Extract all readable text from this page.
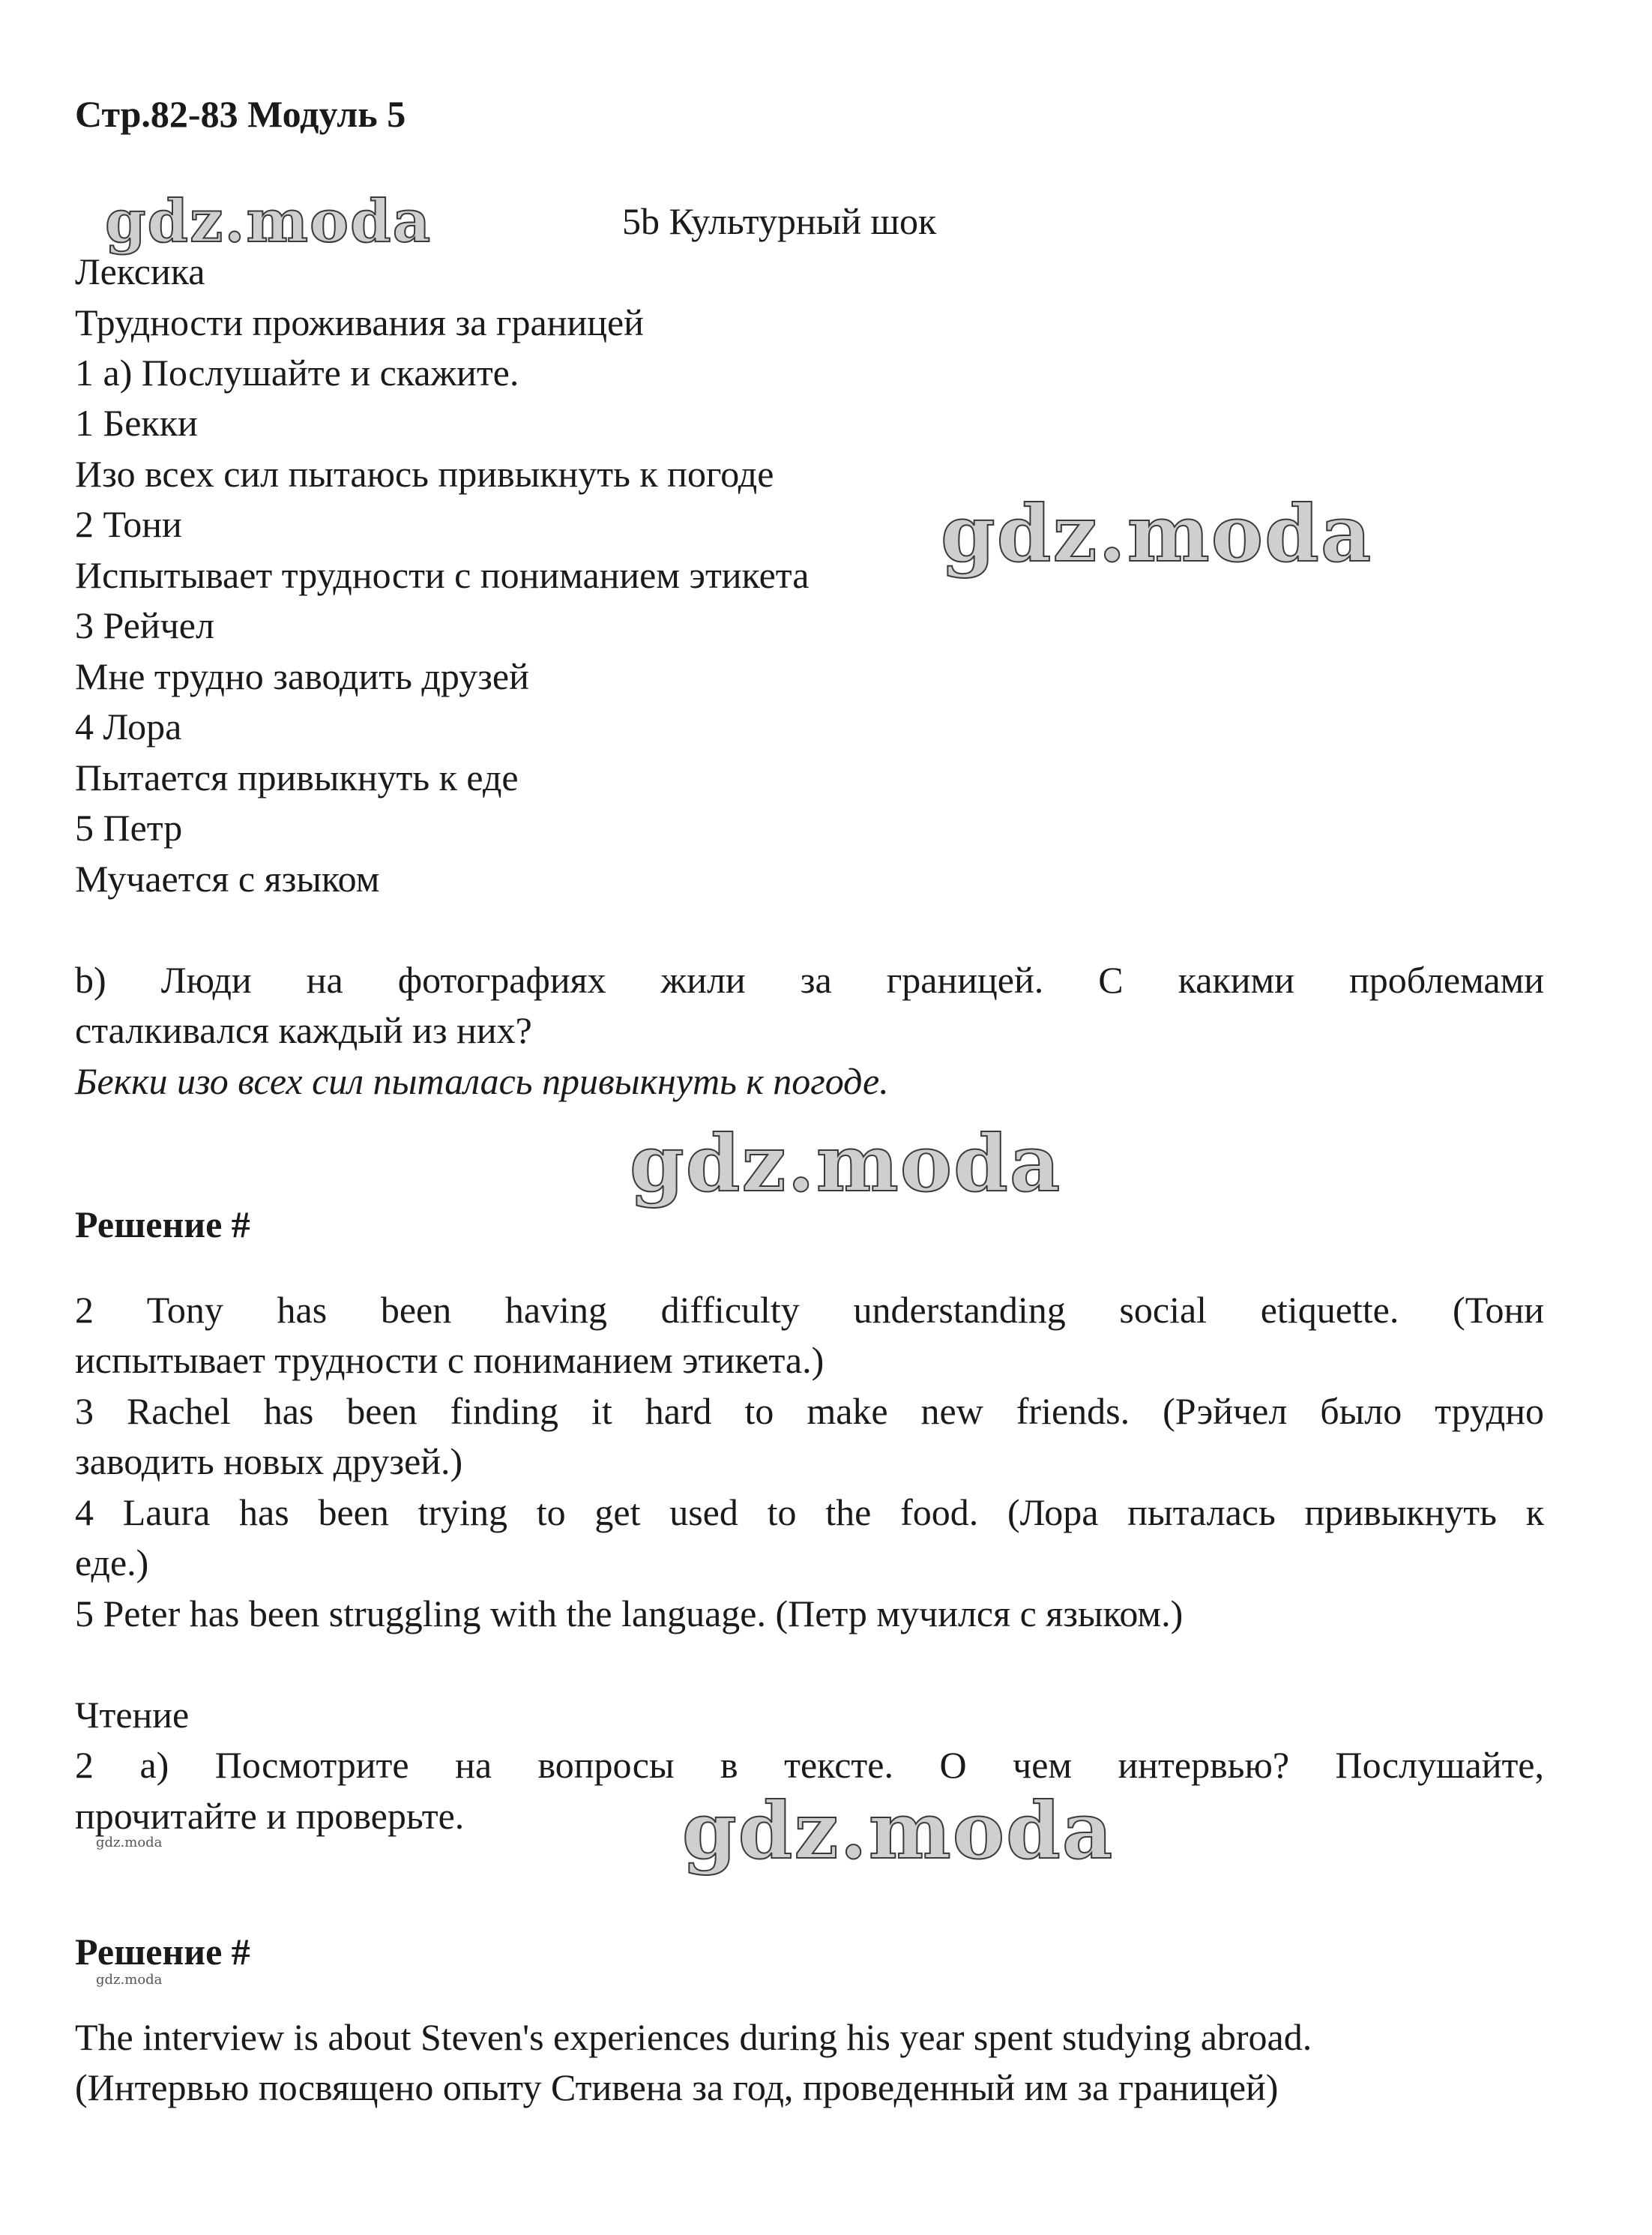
Стр.82-83 Модуль 5
gdz.moda	5b Культурный шок
Лексика
Трудности проживания за границей
1 a) Послушайте и скажите.
1 Бекки
Изо всех сил пытаюсь привыкнуть к погоде
2 Тони
Испытывает трудности с пониманием этикета gdz.moda
3 Рейчел
Мне трудно заводить друзей
4 Лора
Пытается привыкнуть к еде
5 Петр
Мучается с языком
b) Люди на фотографиях жили за границей. С какими проблемами
сталкивался каждый из них?
Бекки изо всех сил пыталась привыкнуть к погоде.
gdz.moda
Решение #
2 Tony has been having difficulty understanding social etiquette. (Тони
испытывает трудности с пониманием этикета.)
3 Rachel has been finding it hard to make new friends. (Рэйчел было трудно
заводить новых друзей.)
4 Laura has been trying to get used to the food. (Лора пыталась привыкнуть к
еде.)
5 Peter has been struggling with the language. (Петр мучился с языком.)
Чтение
2 a) Посмотрите на вопросы в тексте. О чем интервью? Послушайте,
прочитайте и проверьте.	gdz.moda
gdz.moda
Решение #
gdz.moda
The interview is about Steven's experiences during his year spent studying abroad.
(Интервью посвящено опыту Стивена за год, проведенный им за границей)
